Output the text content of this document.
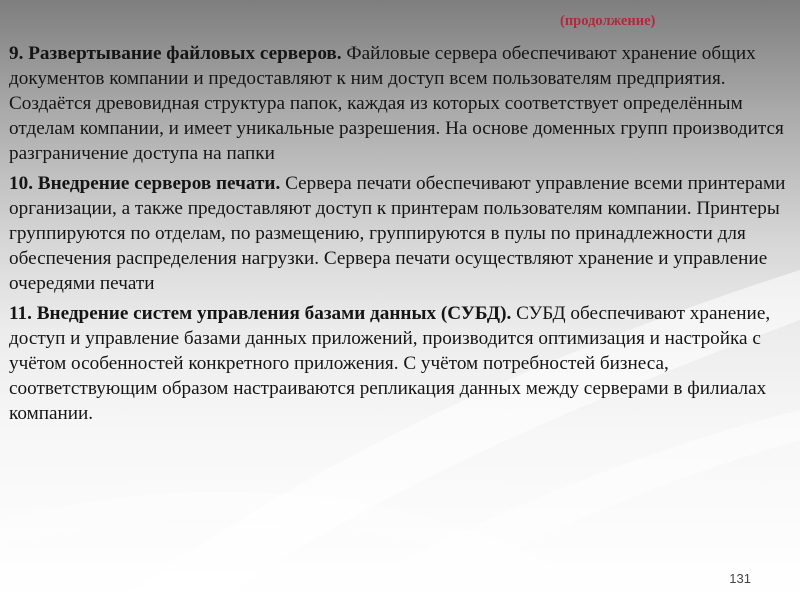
(продолжение)

9. Развертывание файловых серверов. Файловые сервера обеспечивают хранение общих документов компании и предоставляют к ним доступ всем пользователям предприятия. Создаётся древовидная структура папок, каждая из которых соответствует определённым отделам компании, и имеет уникальные разрешения. На основе доменных групп производится разграничение доступа на папки

10. Внедрение серверов печати. Сервера печати обеспечивают управление всеми принтерами организации, а также предоставляют доступ к принтерам пользователям компании. Принтеры группируются по отделам, по размещению, группируются в пулы по принадлежности для обеспечения распределения нагрузки. Сервера печати осуществляют хранение и управление очередями печати

11. Внедрение систем управления базами данных (СУБД). СУБД обеспечивают хранение, доступ и управление базами данных приложений, производится оптимизация и настройка с учётом особенностей конкретного приложения. С учётом потребностей бизнеса, соответствующим образом настраиваются репликация данных между серверами в филиалах компании.

131
